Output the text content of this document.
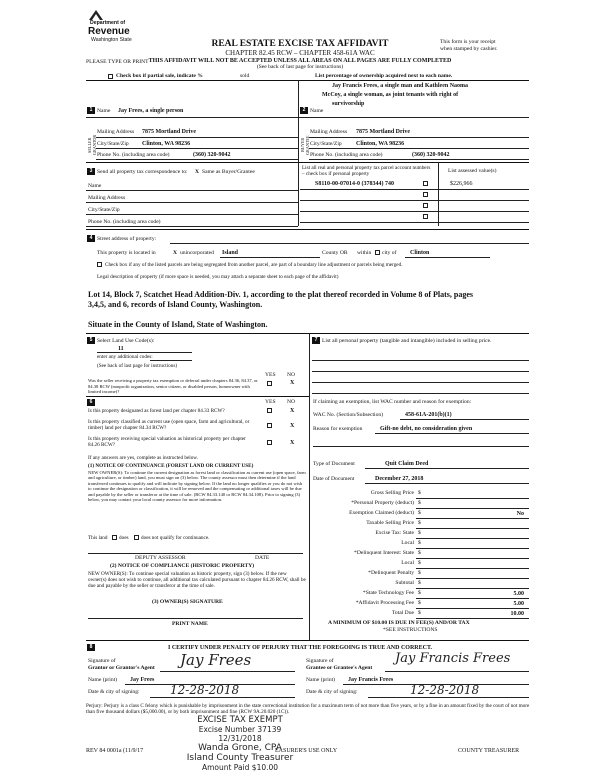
Department of
Revenue
Washington State	REAL ESTATE EXCISE TAX AFFIDAVIT
CHAPTER 82.45 RCW – CHAPTER 458-61A WAC
THIS AFFIDAVIT WILL NOT BE ACCEPTED UNLESS ALL AREAS ON ALL PAGES ARE FULLY COMPLETED
(See back of last page for instructions)
PLEASE TYPE OR PRINT
This form is your receipt
when stamped by cashier.
Check box if partial sale, indicate %	sold	List percentage of ownership acquired next to each name.
1 Name Jay Frees, a single person
SELLER GRANTOR
Mailing Address 7875 Mortland Drive
City/State/Zip Clinton, WA 98236
Phone No. (including area code)	(360) 320-9042
Jay Francis Frees, a single man and Kathleen Naoma
McCoy, a single woman, as joint tenants with right of
2 Name
survivorship
BUYER GRANTEE
Mailing Address 7875 Mortland Drive
City/State/Zip Clinton, WA 98236
Phone No. (including area code)	(360) 320-9042
3 Send all property tax correspondence to: X Same as Buyer/Grantee
List all real and personal property tax parcel account numbers – check box if personal property	List assessed value(s)
Name
Mailing Address
City/State/Zip
Phone No. (including area code)
S8110-00-07014-0 (378344) 740	$226,966
4 Street address of property:
This property is located in	X unincorporated Island	County OR within city of Clinton
Check box if any of the listed parcels are being segregated from another parcel, are part of a boundary line adjustment or parcels being merged.
Legal description of property (if more space is needed, you may attach a separate sheet to each page of the affidavit)
Lot 14, Block 7, Scatchet Head Addition-Div. 1, according to the plat thereof recorded in Volume 8 of Plats, pages
3,4,5, and 6, records of Island County, Washington.
Situate in the County of Island, State of Washington.
5 Select Land Use Code(s):
11
enter any additional codes:
(See back of last page for instructions)
YES NO
Was the seller receiving a property tax exemption or deferral under chapters 84.36, 84.37, or 84.38 RCW (nonprofit organization, senior citizen, or disabled person, homeowner with limited income)?
X
6	YES NO
Is this property designated as forest land per chapter 84.33 RCW?	X
Is this property classified as current use (open space, farm and agricultural, or timber) land per chapter 84.34 RCW?	X
Is this property receiving special valuation as historical property per chapter 84.26 RCW?	X
If any answers are yes, complete as instructed below.
(1) NOTICE OF CONTINUANCE (FOREST LAND OR CURRENT USE)
NEW OWNER(S): To continue the current designation as forest land or classification as current use (open space, farm and agriculture, or timber) land, you must sign on (3) below. The county assessor must then determine if the land transferred continues to qualify and will indicate by signing below. If the land no longer qualifies or you do not wish to continue the designation or classification, it will be removed and the compensating or additional taxes will be due and payable by the seller or transferor at the time of sale. (RCW 84.33.140 or RCW 84.34.108). Prior to signing (3) below, you may contact your local county assessor for more information.
This land does does not qualify for continuance.
DEPUTY ASSESSOR	DATE
(2) NOTICE OF COMPLIANCE (HISTORIC PROPERTY)
NEW OWNER(S): To continue special valuation as historic property, sign (3) below. If the new owner(s) does not wish to continue, all additional tax calculated pursuant to chapter 84.26 RCW, shall be due and payable by the seller or transferor at the time of sale.
(3) OWNER(S) SIGNATURE
PRINT NAME
7 List all personal property (tangible and intangible) included in selling price.
If claiming an exemption, list WAC number and reason for exemption:
WAC No. (Section/Subsection)	458-61A-201(b)(1)
Reason for exemption	Gift-no debt, no consideration given
Type of Document	Quit Claim Deed
Date of Document	December 27, 2018
Gross Selling Price $
*Personal Property (deduct) $
Exemption Claimed (deduct) $	No
Taxable Selling Price $
Excise Tax: State $
Local $
*Delinquent Interest: State $
Local $
*Delinquent Penalty $
Subtotal $
*State Technology Fee $	5.00
*Affidavit Processing Fee $	5.00
Total Due $	10.00
A MINIMUM OF $10.00 IS DUE IN FEE(S) AND/OR TAX
*SEE INSTRUCTIONS
8	I CERTIFY UNDER PENALTY OF PERJURY THAT THE FOREGOING IS TRUE AND CORRECT.
Signature of
Grantor or Grantor's Agent Jay Frees
Name (print) Jay Frees
Date & city of signing:	12-28-2018
Signature of
Grantee or Grantee's Agent
Jay Francis Frees
Name (print) Jay Francis Frees
Date & city of signing:	12-28-2018
Perjury: Perjury is a class C felony which is punishable by imprisonment in the state correctional institution for a maximum term of not more than five years, or by a fine in an amount fixed by the court of not more than five thousand dollars ($5,000.00), or by both imprisonment and fine (RCW 9A.20.020 (1C)).
REV 84 0001a (11/9/17	EASURER'S USE ONLY	COUNTY TREASURER
EXCISE TAX EXEMPT
Excise Number 37139
12/31/2018
Wanda Grone, CPA
Island County Treasurer
Amount Paid $10.00
